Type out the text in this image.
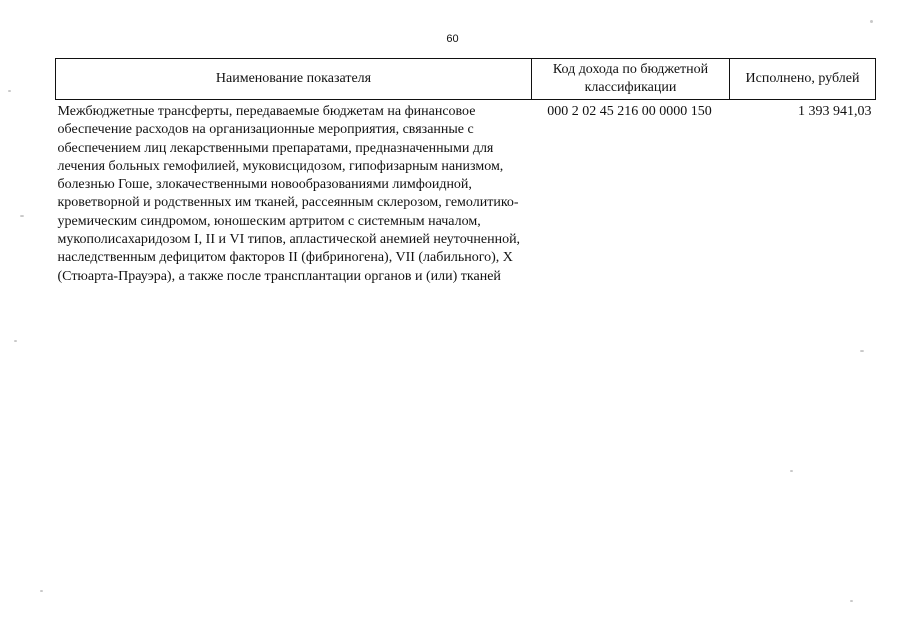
60
Наименование показателя	Код дохода по бюджетной классификации	Исполнено, рублей
Межбюджетные трансферты, передаваемые бюджетам на финансовое обеспечение расходов на организационные мероприятия, связанные с обеспечением лиц лекарственными препаратами, предназначенными для лечения больных гемофилией, муковисцидозом, гипофизарным нанизмом, болезнью Гоше, злокачественными новообразованиями лимфоидной, кроветворной и родственных им тканей, рассеянным склерозом, гемолитико-уремическим синдромом, юношеским артритом с системным началом, мукополисахаридозом I, II и VI типов, апластической анемией неуточненной, наследственным дефицитом факторов II (фибриногена), VII (лабильного), X (Стюарта-Прауэра), а также после трансплантации органов и (или) тканей	000 2 02 45 216 00 0000 150	1 393 941,03
